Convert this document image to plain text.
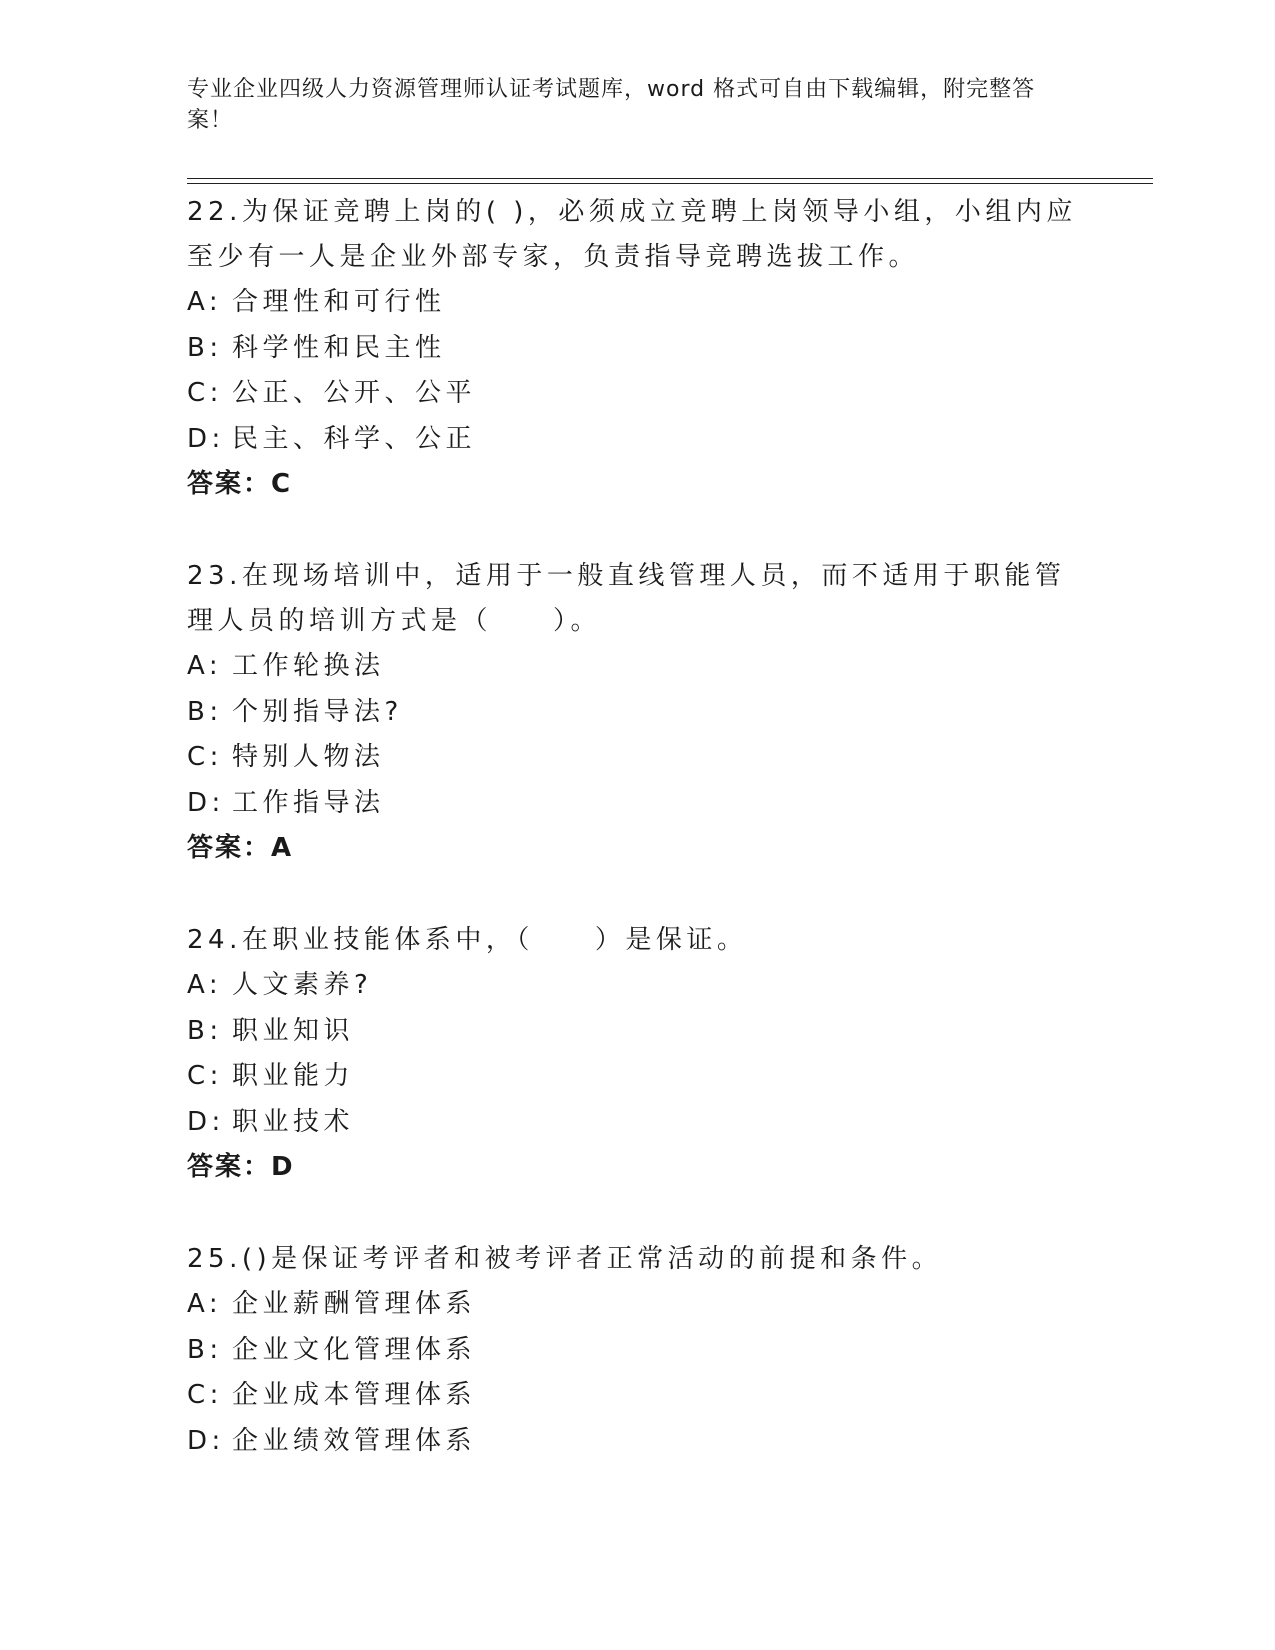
专业企业四级人力资源管理师认证考试题库，word 格式可自由下载编辑，附完整答案！
22.为保证竞聘上岗的( )，必须成立竞聘上岗领导小组，小组内应至少有一人是企业外部专家，负责指导竞聘选拔工作。
A: 合理性和可行性
B: 科学性和民主性
C: 公正、公开、公平
D: 民主、科学、公正
答案：C
23.在现场培训中，适用于一般直线管理人员，而不适用于职能管理人员的培训方式是（　　）。
A: 工作轮换法
B: 个别指导法?
C: 特别人物法
D: 工作指导法
答案：A
24.在职业技能体系中，（　　）是保证。
A: 人文素养?
B: 职业知识
C: 职业能力
D: 职业技术
答案：D
25.()是保证考评者和被考评者正常活动的前提和条件。
A: 企业薪酬管理体系
B: 企业文化管理体系
C: 企业成本管理体系
D: 企业绩效管理体系
